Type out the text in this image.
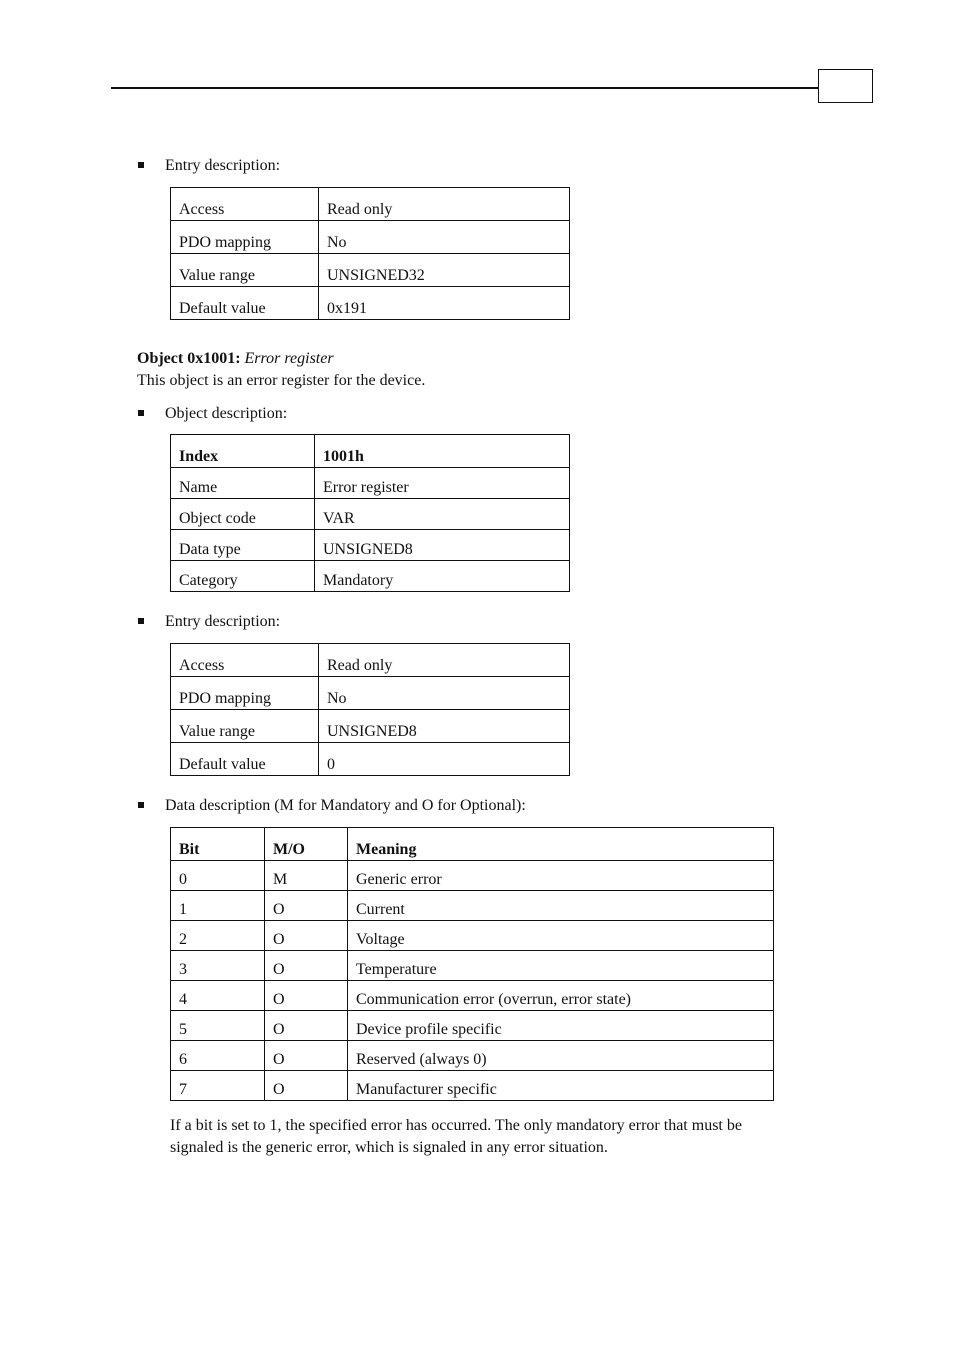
Entry description:
Access	Read only
PDO mapping	No
Value range	UNSIGNED32
Default value	0x191
Object 0x1001: Error register
This object is an error register for the device.
Object description:
Index	1001h
Name	Error register
Object code	VAR
Data type	UNSIGNED8
Category	Mandatory
Entry description:
Access	Read only
PDO mapping	No
Value range	UNSIGNED8
Default value	0
Data description (M for Mandatory and O for Optional):
Bit	M/O	Meaning
0	M	Generic error
1	O	Current
2	O	Voltage
3	O	Temperature
4	O	Communication error (overrun, error state)
5	O	Device profile specific
6	O	Reserved (always 0)
7	O	Manufacturer specific
If a bit is set to 1, the specified error has occurred. The only mandatory error that must be signaled is the generic error, which is signaled in any error situation.
